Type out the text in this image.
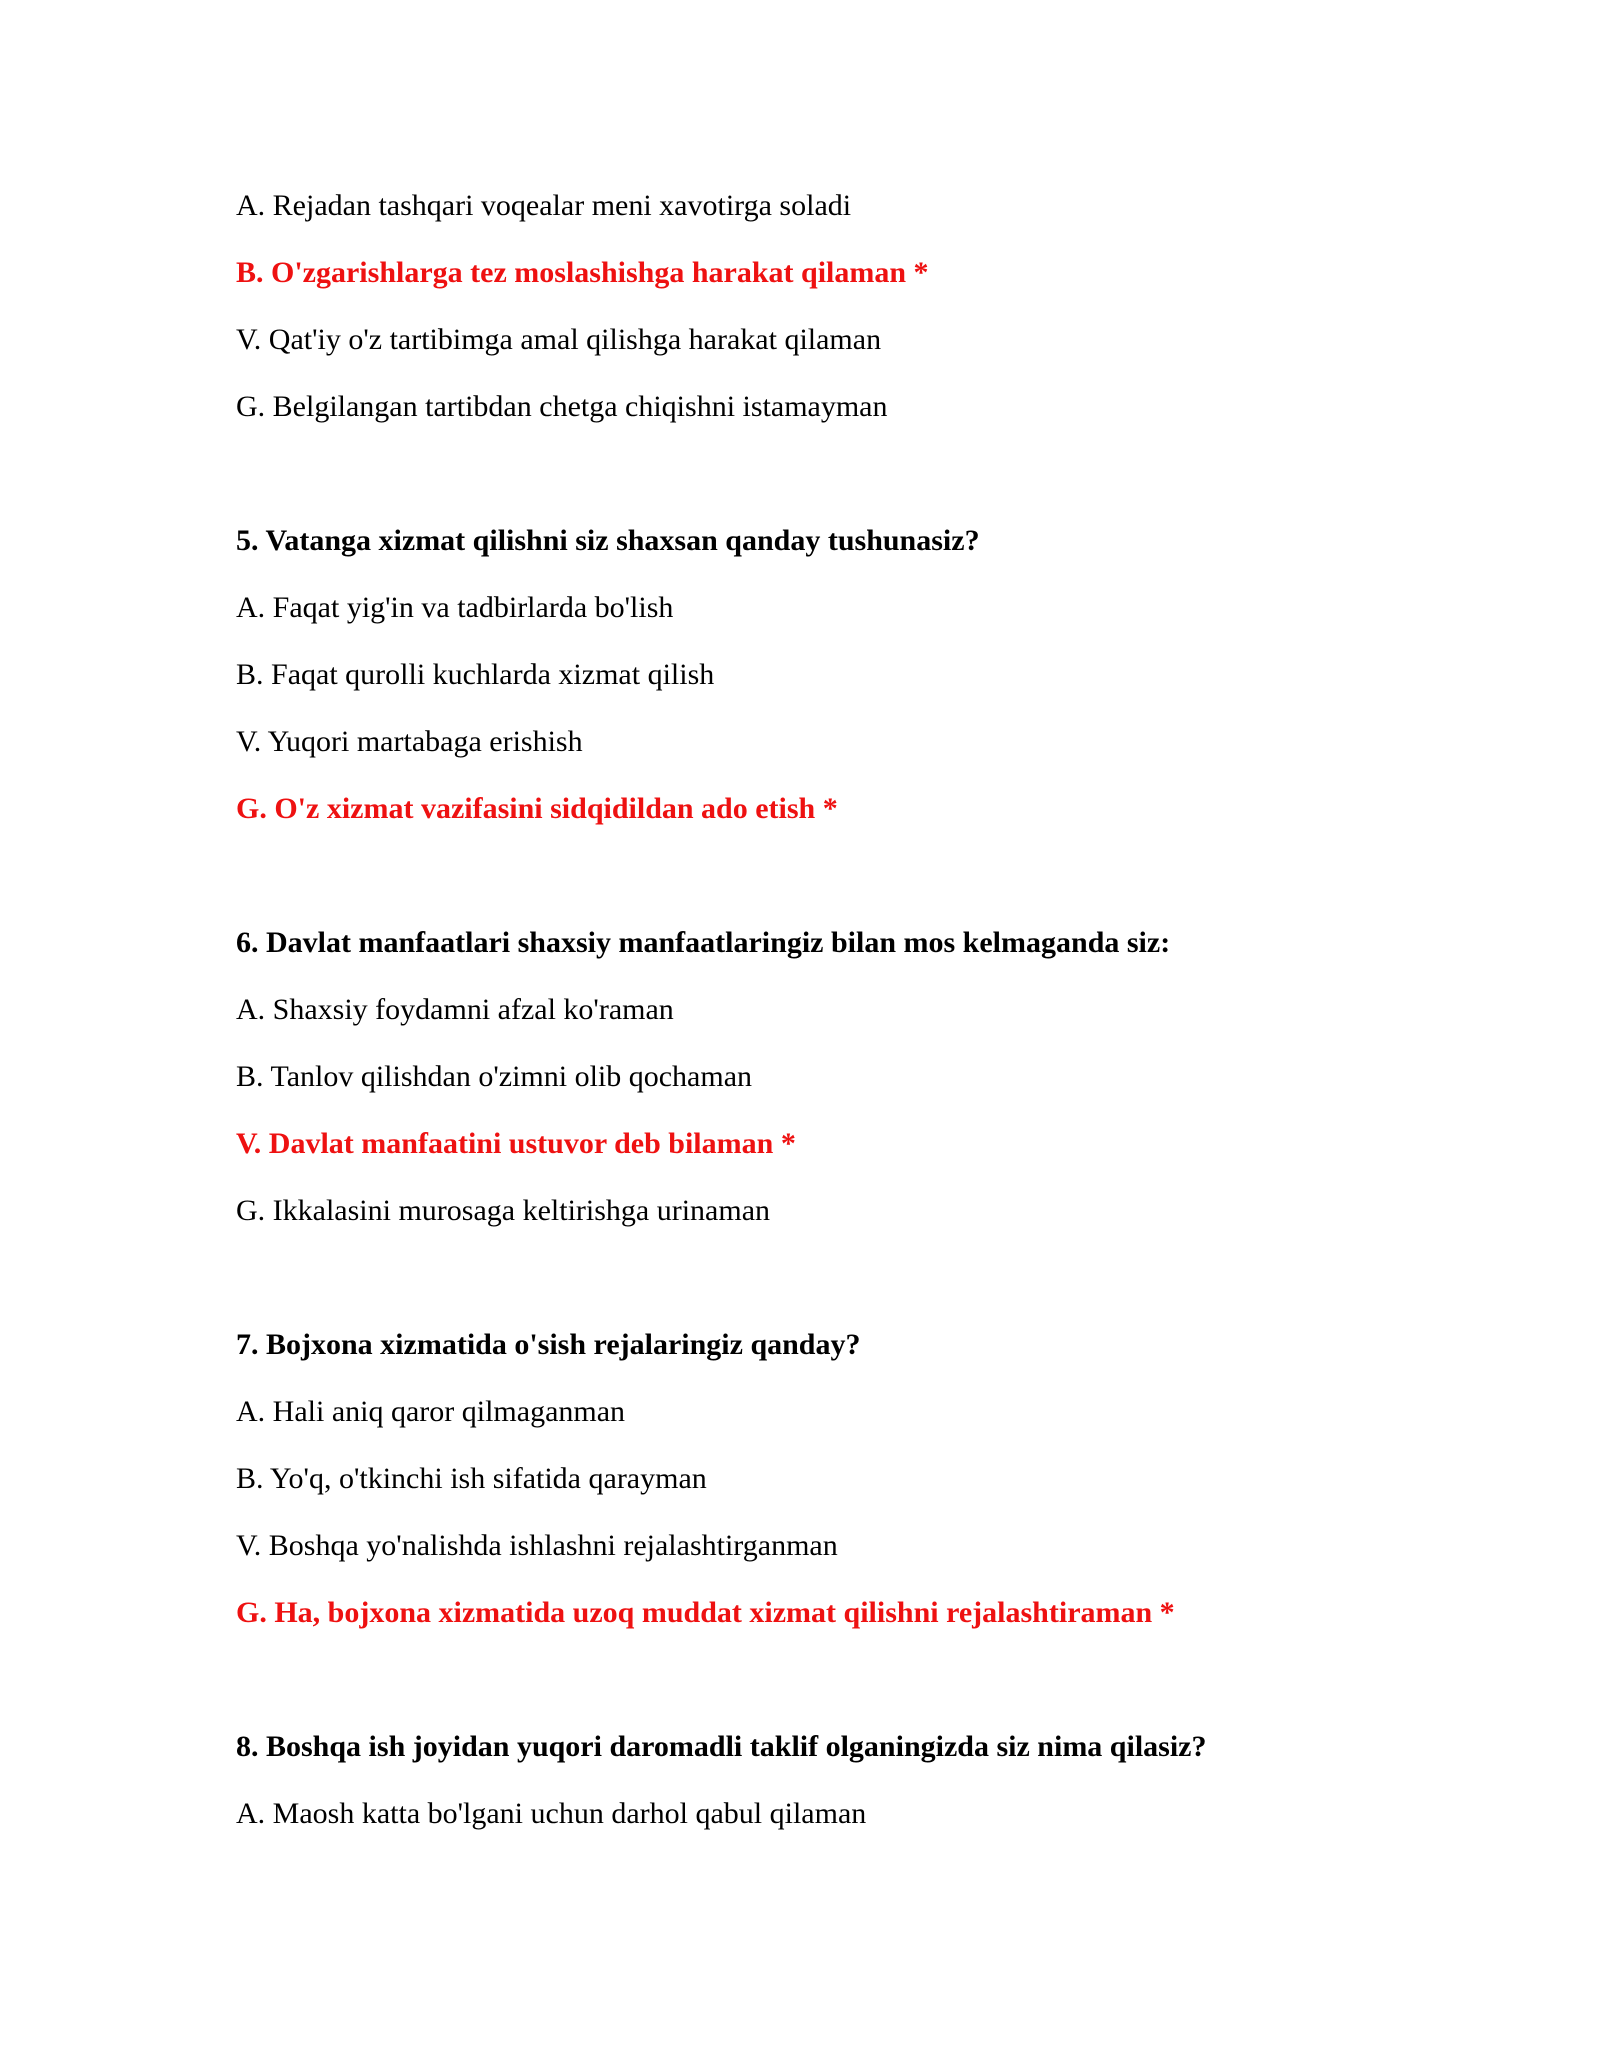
A. Rejadan tashqari voqealar meni xavotirga soladi

B. O'zgarishlarga tez moslashishga harakat qilaman *

V. Qat'iy o'z tartibimga amal qilishga harakat qilaman

G. Belgilangan tartibdan chetga chiqishni istamayman

5. Vatanga xizmat qilishni siz shaxsan qanday tushunasiz?

A. Faqat yig'in va tadbirlarda bo'lish

B. Faqat qurolli kuchlarda xizmat qilish

V. Yuqori martabaga erishish

G. O'z xizmat vazifasini sidqidildan ado etish *

6. Davlat manfaatlari shaxsiy manfaatlaringiz bilan mos kelmaganda siz:

A. Shaxsiy foydamni afzal ko'raman

B. Tanlov qilishdan o'zimni olib qochaman

V. Davlat manfaatini ustuvor deb bilaman *

G. Ikkalasini murosaga keltirishga urinaman

7. Bojxona xizmatida o'sish rejalaringiz qanday?

A. Hali aniq qaror qilmaganman

B. Yo'q, o'tkinchi ish sifatida qarayman

V. Boshqa yo'nalishda ishlashni rejalashtirganman

G. Ha, bojxona xizmatida uzoq muddat xizmat qilishni rejalashtiraman *

8. Boshqa ish joyidan yuqori daromadli taklif olganingizda siz nima qilasiz?

A. Maosh katta bo'lgani uchun darhol qabul qilaman
